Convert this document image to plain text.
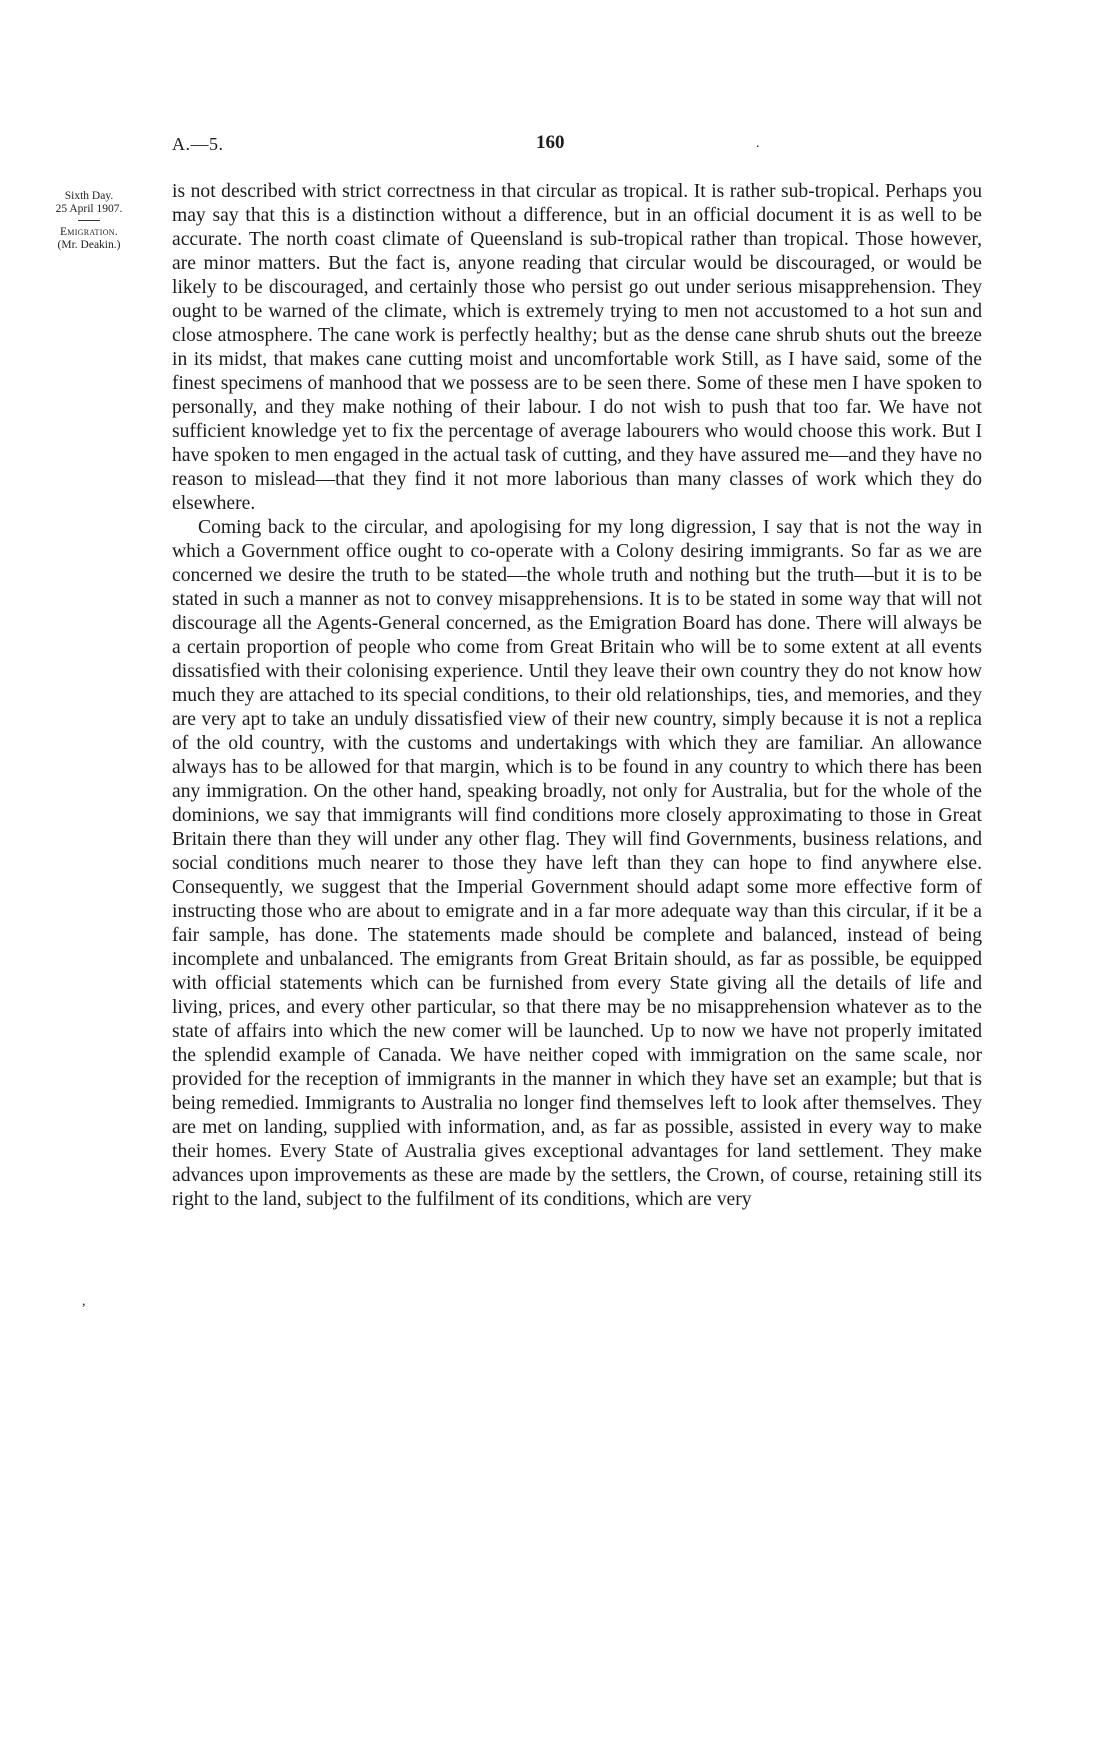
A.—5.	160	.
Sixth Day.
25 April 1907.
Emigration.
(Mr. Deakin.)

is not described with strict correctness in that circular as tropical. It is rather sub-tropical. Perhaps you may say that this is a distinction without a difference, but in an official document it is as well to be accurate. The north coast climate of Queensland is sub-tropical rather than tropical. Those however, are minor matters. But the fact is, anyone reading that circular would be discouraged, or would be likely to be discouraged, and certainly those who persist go out under serious misapprehension. They ought to be warned of the climate, which is extremely trying to men not accustomed to a hot sun and close atmosphere. The cane work is perfectly healthy; but as the dense cane shrub shuts out the breeze in its midst, that makes cane cutting moist and uncomfortable work Still, as I have said, some of the finest specimens of manhood that we possess are to be seen there. Some of these men I have spoken to personally, and they make nothing of their labour. I do not wish to push that too far. We have not sufficient knowledge yet to fix the percentage of average labourers who would choose this work. But I have spoken to men engaged in the actual task of cutting, and they have assured me—and they have no reason to mislead—that they find it not more laborious than many classes of work which they do elsewhere.

Coming back to the circular, and apologising for my long digression, I say that is not the way in which a Government office ought to co-operate with a Colony desiring immigrants. So far as we are concerned we desire the truth to be stated—the whole truth and nothing but the truth—but it is to be stated in such a manner as not to convey misapprehensions. It is to be stated in some way that will not discourage all the Agents-General concerned, as the Emigration Board has done. There will always be a certain proportion of people who come from Great Britain who will be to some extent at all events dissatisfied with their colonising experience. Until they leave their own country they do not know how much they are attached to its special conditions, to their old relationships, ties, and memories, and they are very apt to take an unduly dissatisfied view of their new country, simply because it is not a replica of the old country, with the customs and undertakings with which they are familiar. An allowance always has to be allowed for that margin, which is to be found in any country to which there has been any immigration. On the other hand, speaking broadly, not only for Australia, but for the whole of the dominions, we say that immigrants will find conditions more closely approximating to those in Great Britain there than they will under any other flag. They will find Governments, business relations, and social conditions much nearer to those they have left than they can hope to find anywhere else. Consequently, we suggest that the Imperial Government should adapt some more effective form of instructing those who are about to emigrate and in a far more adequate way than this circular, if it be a fair sample, has done. The statements made should be complete and balanced, instead of being incomplete and unbalanced. The emigrants from Great Britain should, as far as possible, be equipped with official statements which can be furnished from every State giving all the details of life and living, prices, and every other particular, so that there may be no misapprehension whatever as to the state of affairs into which the new comer will be launched. Up to now we have not properly imitated the splendid example of Canada. We have neither coped with immigration on the same scale, nor provided for the reception of immigrants in the manner in which they have set an example; but that is being remedied. Immigrants to Australia no longer find themselves left to look after themselves. They are met on landing, supplied with information, and, as far as possible, assisted in every way to make their homes. Every State of Australia gives exceptional advantages for land settlement. They make advances upon improvements as these are made by the settlers, the Crown, of course, retaining still its right to the land, subject to the fulfilment of its conditions, which are very

,
